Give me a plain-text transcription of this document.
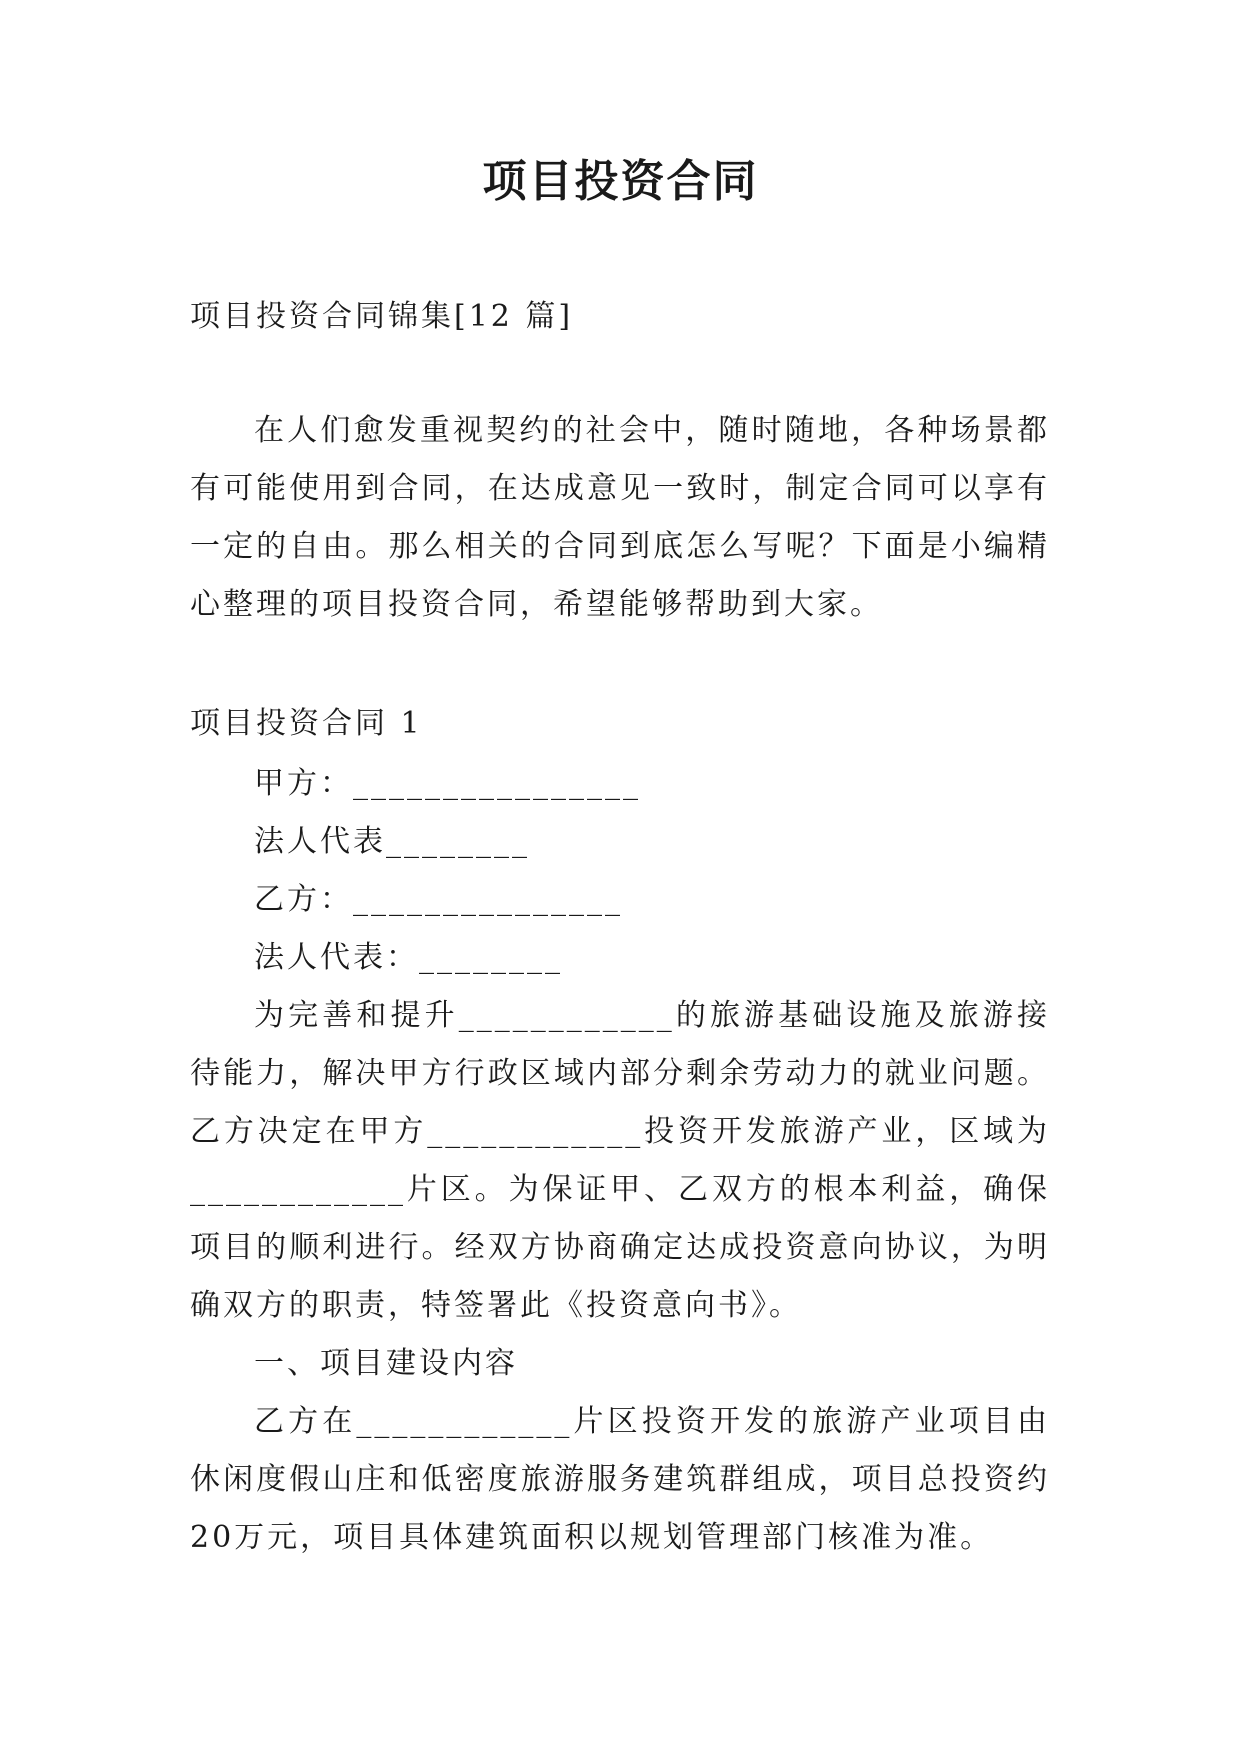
项目投资合同
项目投资合同锦集[12 篇]
在人们愈发重视契约的社会中，随时随地，各种场景都有可能使用到合同，在达成意见一致时，制定合同可以享有一定的自由。那么相关的合同到底怎么写呢？下面是小编精心整理的项目投资合同，希望能够帮助到大家。
项目投资合同 1
甲方：________________
法人代表________
乙方：_______________
法人代表：________

为完善和提升____________的旅游基础设施及旅游接待能力，解决甲方行政区域内部分剩余劳动力的就业问题。乙方决定在甲方____________投资开发旅游产业，区域为____________片区。为保证甲、乙双方的根本利益，确保项目的顺利进行。经双方协商确定达成投资意向协议，为明确双方的职责，特签署此《投资意向书》。

一、项目建设内容

乙方在____________片区投资开发的旅游产业项目由休闲度假山庄和低密度旅游服务建筑群组成，项目总投资约20万元，项目具体建筑面积以规划管理部门核准为准。
